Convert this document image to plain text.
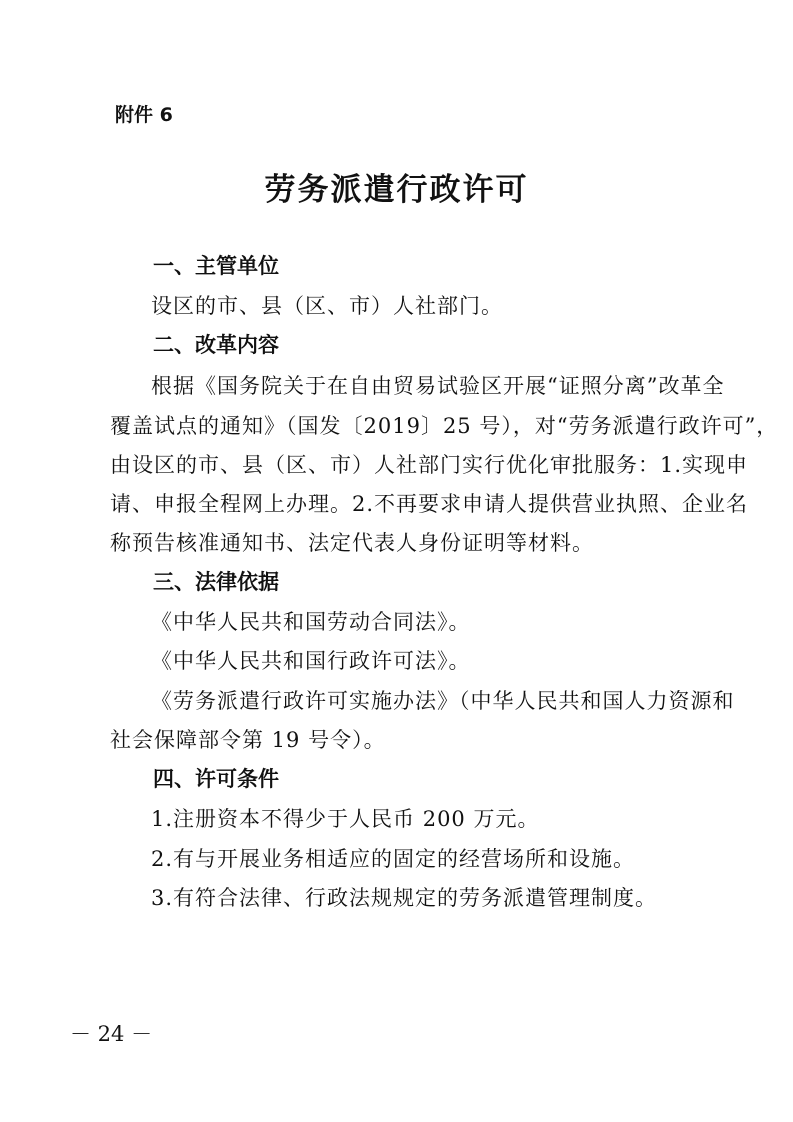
附件 6
劳务派遣行政许可
一、主管单位
设区的市、县（区、市）人社部门。
二、改革内容
根据《国务院关于在自由贸易试验区开展“证照分离”改革全
覆盖试点的通知》（国发〔2019〕25 号），对“劳务派遣行政许可”，
由设区的市、县（区、市）人社部门实行优化审批服务：1.实现申
请、申报全程网上办理。2.不再要求申请人提供营业执照、企业名
称预告核准通知书、法定代表人身份证明等材料。
三、法律依据
《中华人民共和国劳动合同法》。
《中华人民共和国行政许可法》。
《劳务派遣行政许可实施办法》（中华人民共和国人力资源和
社会保障部令第 19 号令）。
四、许可条件
1.注册资本不得少于人民币 200 万元。
2.有与开展业务相适应的固定的经营场所和设施。
3.有符合法律、行政法规规定的劳务派遣管理制度。
－ 24 －
